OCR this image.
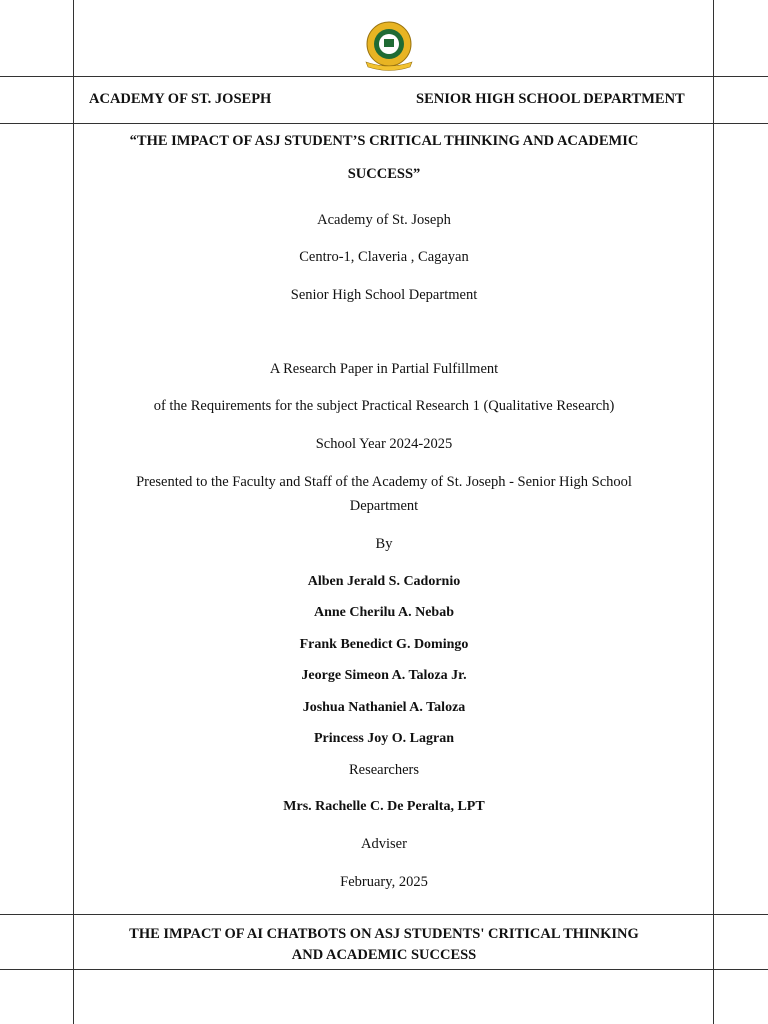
ACADEMY OF ST. JOSEPH	SENIOR HIGH SCHOOL DEPARTMENT
“THE IMPACT OF ASJ STUDENT’S CRITICAL THINKING AND ACADEMIC
SUCCESS”
Academy of St. Joseph
Centro-1, Claveria , Cagayan
Senior High School Department
A Research Paper in Partial Fulfillment
of the Requirements for the subject Practical Research 1 (Qualitative Research)
School Year 2024-2025
Presented to the Faculty and Staff of the Academy of St. Joseph - Senior High School
Department
By
Alben Jerald S. Cadornio
Anne Cherilu A. Nebab
Frank Benedict G. Domingo
Jeorge Simeon A. Taloza Jr.
Joshua Nathaniel A. Taloza
Princess Joy O. Lagran
Researchers
Mrs. Rachelle C. De Peralta, LPT
Adviser
February, 2025
THE IMPACT OF AI CHATBOTS ON ASJ STUDENTS' CRITICAL THINKING
AND ACADEMIC SUCCESS
